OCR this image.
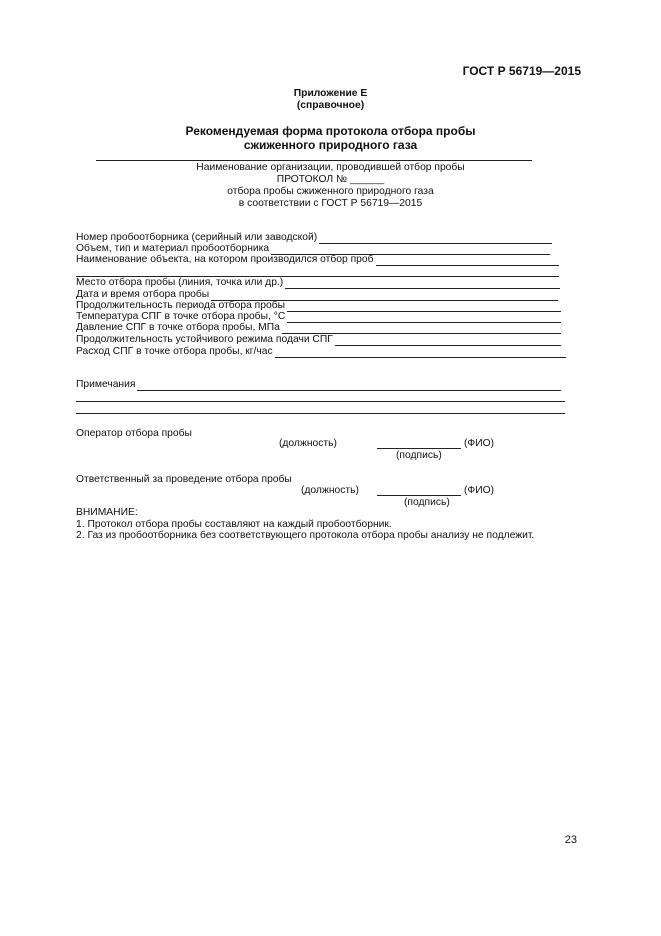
ГОСТ Р 56719—2015
Приложение Е
(справочное)
Рекомендуемая форма протокола отбора пробы
сжиженного природного газа
Наименование организации, проводившей отбор пробы
ПРОТОКОЛ № ______
отбора пробы сжиженного природного газа
в соответствии с ГОСТ Р 56719—2015
Номер пробоотборника (серийный или заводской)
Объем, тип и материал пробоотборника
Наименование объекта, на котором производился отбор проб
Место отбора пробы (линия, точка или др.)
Дата и время отбора пробы
Продолжительность периода отбора пробы
Температура СПГ в точке отбора пробы, °С
Давление СПГ в точке отбора пробы, МПа
Продолжительность устойчивого режима подачи СПГ
Расход СПГ в точке отбора пробы, кг/час
Примечания
Оператор отбора пробы
(должность)	(ФИО)
(подпись)
Ответственный за проведение отбора пробы
(должность)	(ФИО)
(подпись)
ВНИМАНИЕ:
1. Протокол отбора пробы составляют на каждый пробоотборник.
2. Газ из пробоотборника без соответствующего протокола отбора пробы анализу не подлежит.
23
